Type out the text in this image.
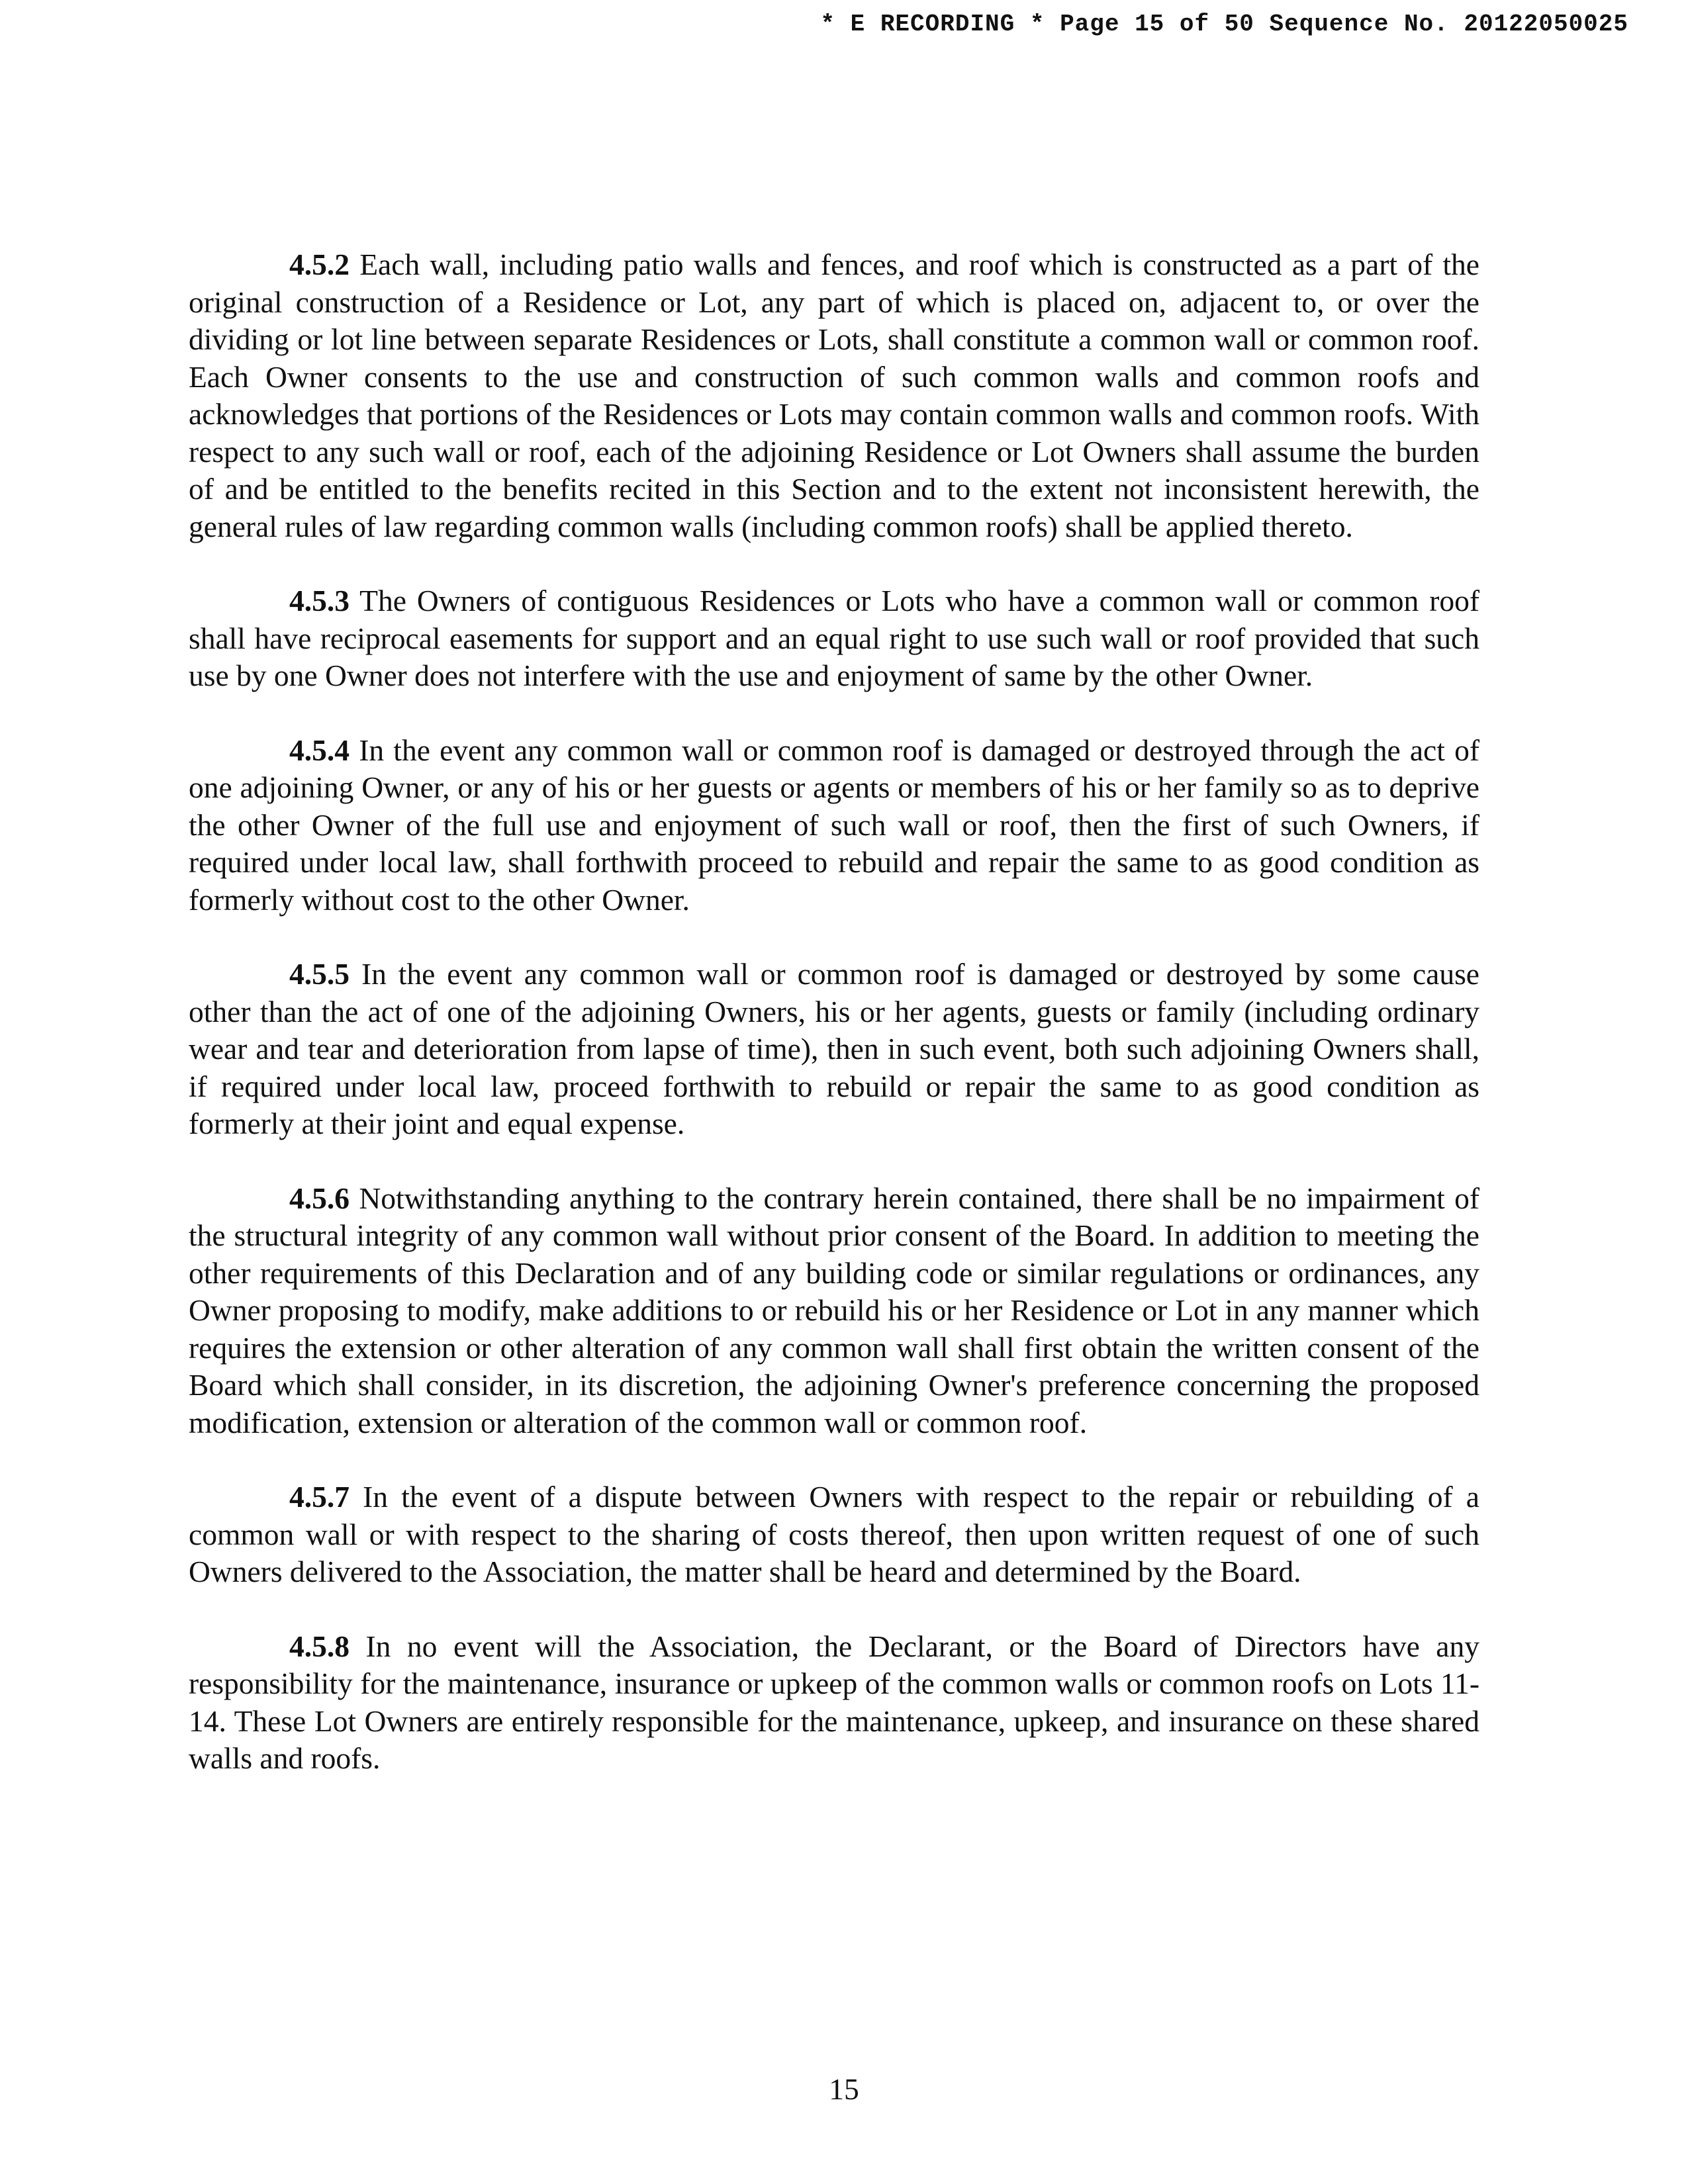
* E RECORDING * Page 15 of 50 Sequence No. 20122050025

4.5.2 Each wall, including patio walls and fences, and roof which is constructed as a part of the original construction of a Residence or Lot, any part of which is placed on, adjacent to, or over the dividing or lot line between separate Residences or Lots, shall constitute a common wall or common roof. Each Owner consents to the use and construction of such common walls and common roofs and acknowledges that portions of the Residences or Lots may contain common walls and common roofs. With respect to any such wall or roof, each of the adjoining Residence or Lot Owners shall assume the burden of and be entitled to the benefits recited in this Section and to the extent not inconsistent herewith, the general rules of law regarding common walls (including common roofs) shall be applied thereto.

4.5.3 The Owners of contiguous Residences or Lots who have a common wall or common roof shall have reciprocal easements for support and an equal right to use such wall or roof provided that such use by one Owner does not interfere with the use and enjoyment of same by the other Owner.

4.5.4 In the event any common wall or common roof is damaged or destroyed through the act of one adjoining Owner, or any of his or her guests or agents or members of his or her family so as to deprive the other Owner of the full use and enjoyment of such wall or roof, then the first of such Owners, if required under local law, shall forthwith proceed to rebuild and repair the same to as good condition as formerly without cost to the other Owner.

4.5.5 In the event any common wall or common roof is damaged or destroyed by some cause other than the act of one of the adjoining Owners, his or her agents, guests or family (including ordinary wear and tear and deterioration from lapse of time), then in such event, both such adjoining Owners shall, if required under local law, proceed forthwith to rebuild or repair the same to as good condition as formerly at their joint and equal expense.

4.5.6 Notwithstanding anything to the contrary herein contained, there shall be no impairment of the structural integrity of any common wall without prior consent of the Board. In addition to meeting the other requirements of this Declaration and of any building code or similar regulations or ordinances, any Owner proposing to modify, make additions to or rebuild his or her Residence or Lot in any manner which requires the extension or other alteration of any common wall shall first obtain the written consent of the Board which shall consider, in its discretion, the adjoining Owner's preference concerning the proposed modification, extension or alteration of the common wall or common roof.

4.5.7 In the event of a dispute between Owners with respect to the repair or rebuilding of a common wall or with respect to the sharing of costs thereof, then upon written request of one of such Owners delivered to the Association, the matter shall be heard and determined by the Board.

4.5.8 In no event will the Association, the Declarant, or the Board of Directors have any responsibility for the maintenance, insurance or upkeep of the common walls or common roofs on Lots 11-14. These Lot Owners are entirely responsible for the maintenance, upkeep, and insurance on these shared walls and roofs.

15
